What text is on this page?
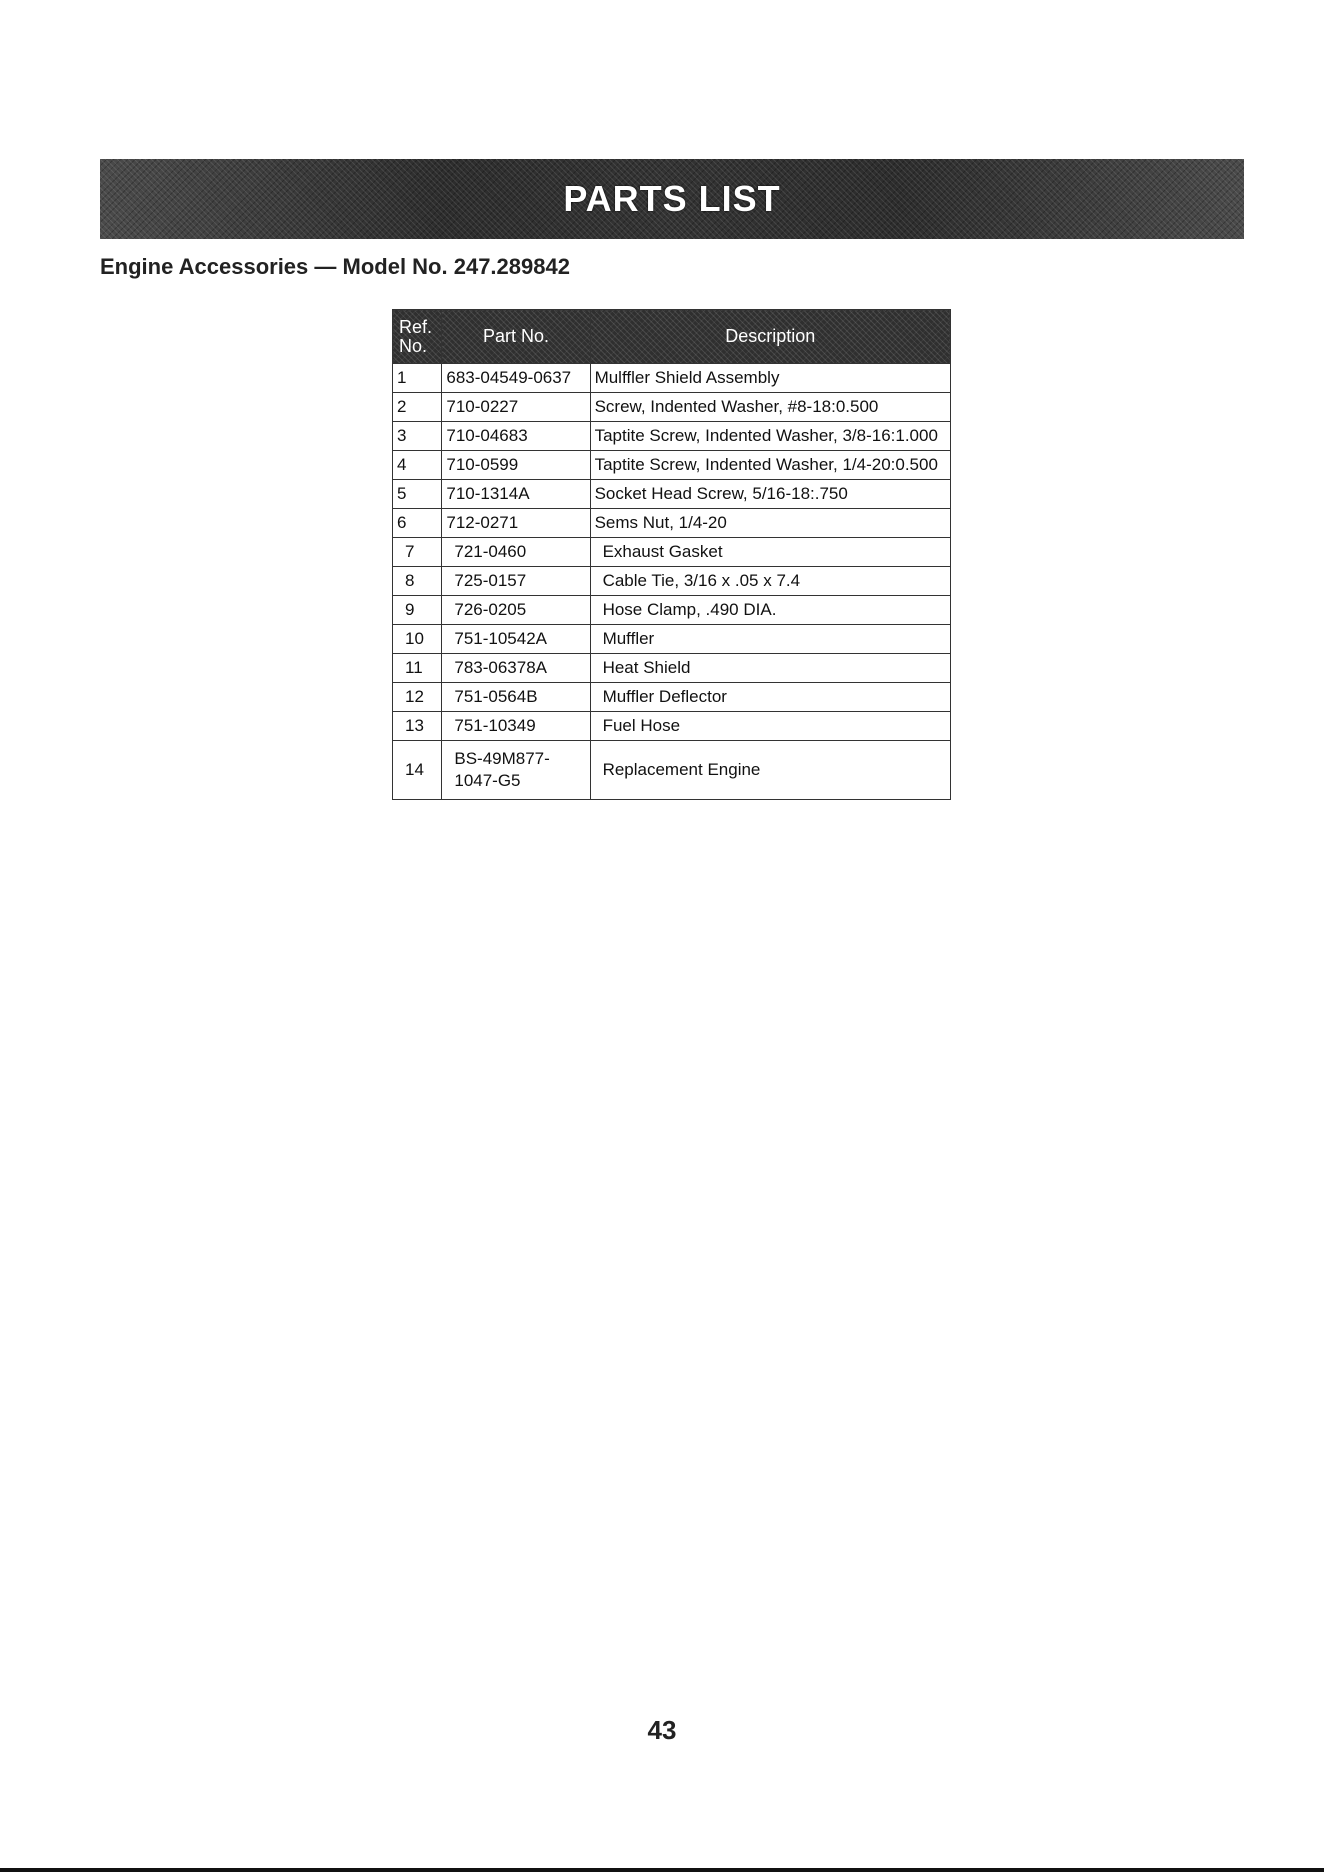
PARTS LIST
Engine Accessories — Model No. 247.289842
Ref.
No.	Part No.	Description
1	683-04549-0637	Mulffler Shield Assembly
2	710-0227	Screw, Indented Washer, #8-18:0.500
3	710-04683	Taptite Screw, Indented Washer, 3/8-16:1.000
4	710-0599	Taptite Screw, Indented Washer, 1/4-20:0.500
5	710-1314A	Socket Head Screw, 5/16-18:.750
6	712-0271	Sems Nut, 1/4-20
7	721-0460	Exhaust Gasket
8	725-0157	Cable Tie, 3/16 x .05 x 7.4
9	726-0205	Hose Clamp, .490 DIA.
10	751-10542A	Muffler
11	783-06378A	Heat Shield
12	751-0564B	Muffler Deflector
13	751-10349	Fuel Hose
14	BS-49M877-
1047-G5	Replacement Engine
43
